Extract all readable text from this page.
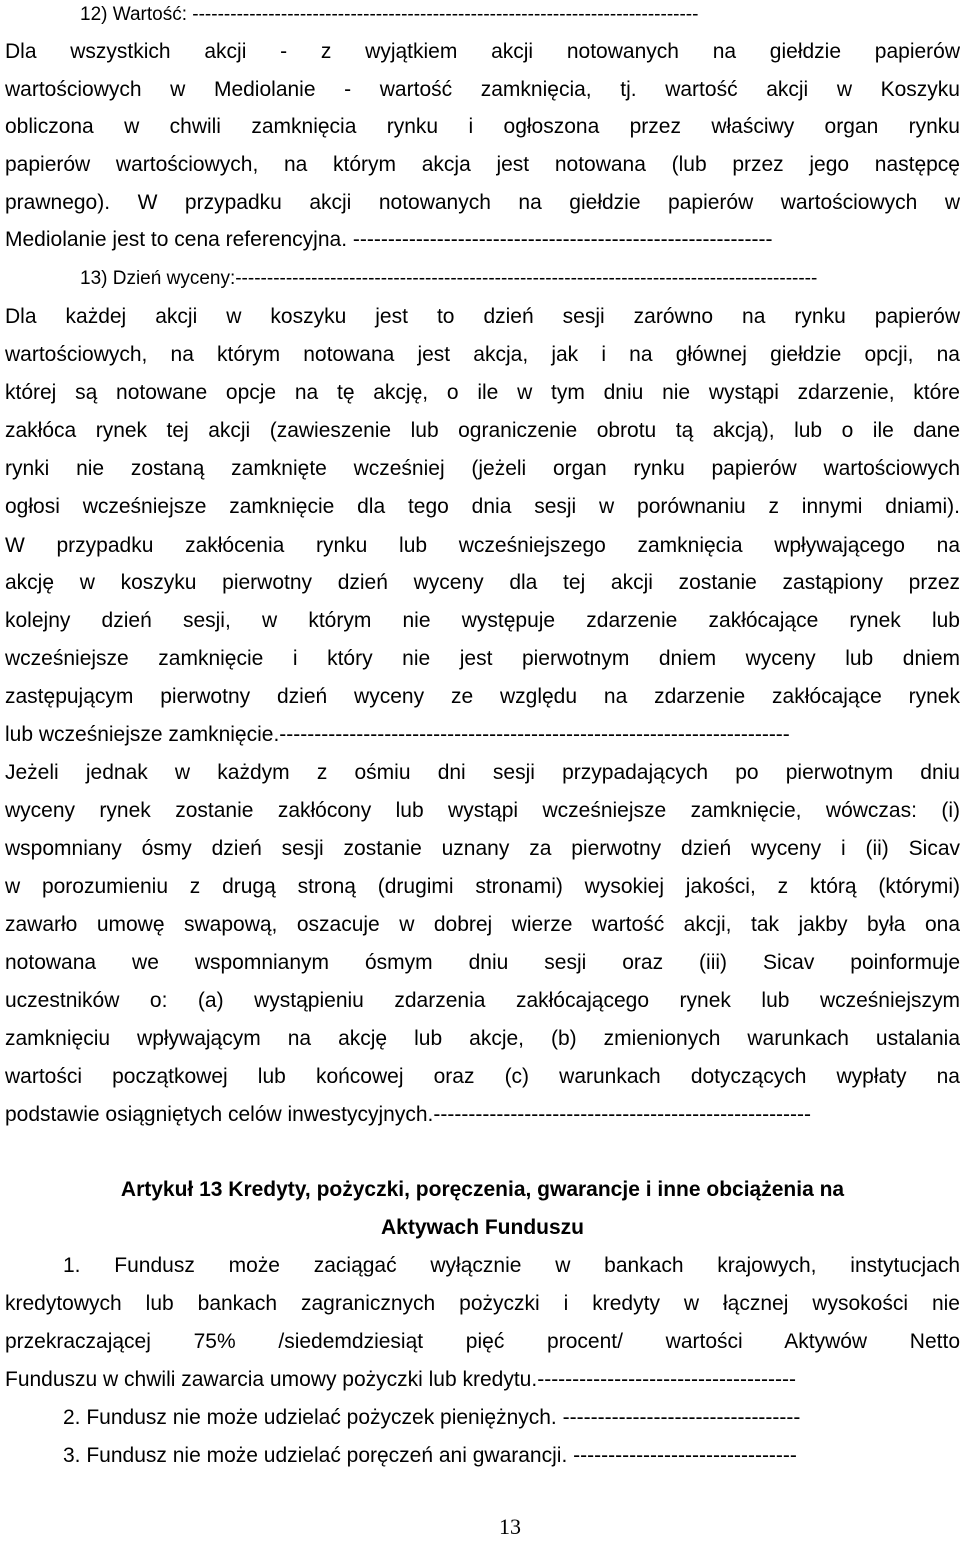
12) Wartość: --------------------------------------------------------------------------------
Dla wszystkich akcji - z wyjątkiem akcji notowanych na giełdzie papierów
wartościowych w Mediolanie - wartość zamknięcia, tj. wartość akcji w Koszyku
obliczona w chwili zamknięcia rynku i ogłoszona przez właściwy organ rynku
papierów wartościowych, na którym akcja jest notowana (lub przez jego następcę
prawnego). W przypadku akcji notowanych na giełdzie papierów wartościowych w
Mediolanie jest to cena referencyjna. ------------------------------------------------------------
13) Dzień wyceny:--------------------------------------------------------------------------------------------
Dla każdej akcji w koszyku jest to dzień sesji zarówno na rynku papierów
wartościowych, na którym notowana jest akcja, jak i na głównej giełdzie opcji, na
której są notowane opcje na tę akcję, o ile w tym dniu nie wystąpi zdarzenie, które
zakłóca rynek tej akcji (zawieszenie lub ograniczenie obrotu tą akcją), lub o ile dane
rynki nie zostaną zamknięte wcześniej (jeżeli organ rynku papierów wartościowych
ogłosi wcześniejsze zamknięcie dla tego dnia sesji w porównaniu z innymi dniami).
W przypadku zakłócenia rynku lub wcześniejszego zamknięcia wpływającego na
akcję w koszyku pierwotny dzień wyceny dla tej akcji zostanie zastąpiony przez
kolejny dzień sesji, w którym nie występuje zdarzenie zakłócające rynek lub
wcześniejsze zamknięcie i który nie jest pierwotnym dniem wyceny lub dniem
zastępującym pierwotny dzień wyceny ze względu na zdarzenie zakłócające rynek
lub wcześniejsze zamknięcie.-------------------------------------------------------------------------
Jeżeli jednak w każdym z ośmiu dni sesji przypadających po pierwotnym dniu
wyceny rynek zostanie zakłócony lub wystąpi wcześniejsze zamknięcie, wówczas: (i)
wspomniany ósmy dzień sesji zostanie uznany za pierwotny dzień wyceny i (ii) Sicav
w porozumieniu z drugą stroną (drugimi stronami) wysokiej jakości, z którą (którymi)
zawarło umowę swapową, oszacuje w dobrej wierze wartość akcji, tak jakby była ona
notowana we wspomnianym ósmym dniu sesji oraz (iii) Sicav poinformuje
uczestników o: (a) wystąpieniu zdarzenia zakłócającego rynek lub wcześniejszym
zamknięciu wpływającym na akcję lub akcje, (b) zmienionych warunkach ustalania
wartości początkowej lub końcowej oraz (c) warunkach dotyczących wypłaty na
podstawie osiągniętych celów inwestycyjnych.------------------------------------------------------
Artykuł 13 Kredyty, pożyczki, poręczenia, gwarancje i inne obciążenia na
Aktywach Funduszu
1. Fundusz może zaciągać wyłącznie w bankach krajowych, instytucjach
kredytowych lub bankach zagranicznych pożyczki i kredyty w łącznej wysokości nie
przekraczającej 75% /siedemdziesiąt pięć procent/ wartości Aktywów Netto
Funduszu w chwili zawarcia umowy pożyczki lub kredytu.-------------------------------------
2. Fundusz nie może udzielać pożyczek pieniężnych. ----------------------------------
3. Fundusz nie może udzielać poręczeń ani gwarancji. --------------------------------
13
